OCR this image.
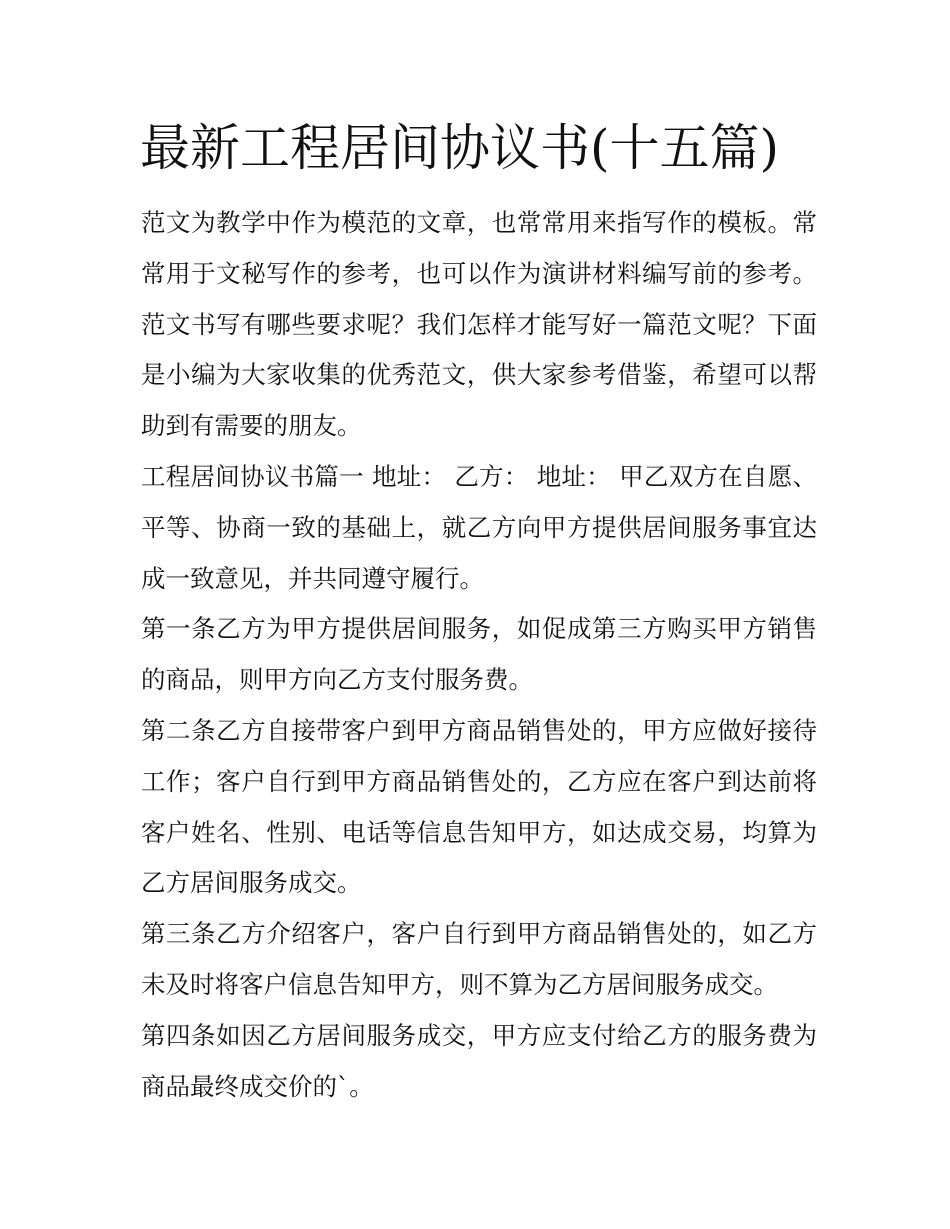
最新工程居间协议书(十五篇)

范文为教学中作为模范的文章，也常常用来指写作的模板。常常用于文秘写作的参考，也可以作为演讲材料编写前的参考。范文书写有哪些要求呢？我们怎样才能写好一篇范文呢？下面是小编为大家收集的优秀范文，供大家参考借鉴，希望可以帮助到有需要的朋友。

工程居间协议书篇一 地址： 乙方： 地址： 甲乙双方在自愿、平等、协商一致的基础上，就乙方向甲方提供居间服务事宜达成一致意见，并共同遵守履行。

第一条乙方为甲方提供居间服务，如促成第三方购买甲方销售的商品，则甲方向乙方支付服务费。

第二条乙方自接带客户到甲方商品销售处的，甲方应做好接待工作；客户自行到甲方商品销售处的，乙方应在客户到达前将客户姓名、性别、电话等信息告知甲方，如达成交易，均算为乙方居间服务成交。

第三条乙方介绍客户，客户自行到甲方商品销售处的，如乙方未及时将客户信息告知甲方，则不算为乙方居间服务成交。

第四条如因乙方居间服务成交，甲方应支付给乙方的服务费为商品最终成交价的`。
